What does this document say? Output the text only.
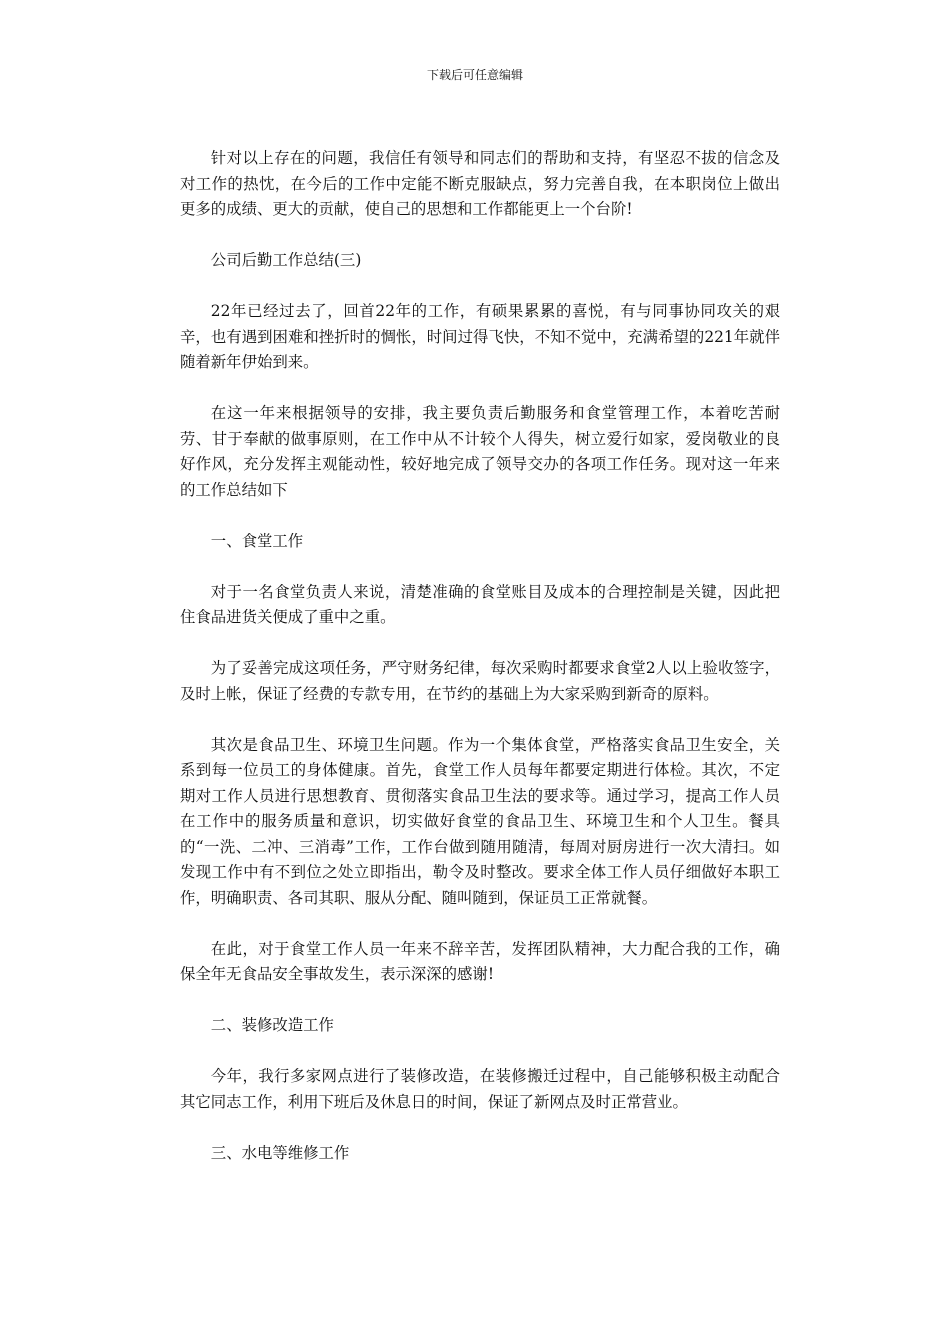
下载后可任意编辑

针对以上存在的问题，我信任有领导和同志们的帮助和支持，有坚忍不拔的信念及对工作的热忱，在今后的工作中定能不断克服缺点，努力完善自我，在本职岗位上做出更多的成绩、更大的贡献，使自己的思想和工作都能更上一个台阶!

公司后勤工作总结(三)

22年已经过去了，回首22年的工作，有硕果累累的喜悦，有与同事协同攻关的艰辛，也有遇到困难和挫折时的惆怅，时间过得飞快，不知不觉中，充满希望的221年就伴随着新年伊始到来。

在这一年来根据领导的安排，我主要负责后勤服务和食堂管理工作，本着吃苦耐劳、甘于奉献的做事原则，在工作中从不计较个人得失，树立爱行如家，爱岗敬业的良好作风，充分发挥主观能动性，较好地完成了领导交办的各项工作任务。现对这一年来的工作总结如下

一、食堂工作

对于一名食堂负责人来说，清楚准确的食堂账目及成本的合理控制是关键，因此把住食品进货关便成了重中之重。

为了妥善完成这项任务，严守财务纪律，每次采购时都要求食堂2人以上验收签字，及时上帐，保证了经费的专款专用，在节约的基础上为大家采购到新奇的原料。

其次是食品卫生、环境卫生问题。作为一个集体食堂，严格落实食品卫生安全，关系到每一位员工的身体健康。首先，食堂工作人员每年都要定期进行体检。其次，不定期对工作人员进行思想教育、贯彻落实食品卫生法的要求等。通过学习，提高工作人员在工作中的服务质量和意识，切实做好食堂的食品卫生、环境卫生和个人卫生。餐具的“一洗、二冲、三消毒”工作，工作台做到随用随清，每周对厨房进行一次大清扫。如发现工作中有不到位之处立即指出，勒令及时整改。要求全体工作人员仔细做好本职工作，明确职责、各司其职、服从分配、随叫随到，保证员工正常就餐。

在此，对于食堂工作人员一年来不辞辛苦，发挥团队精神，大力配合我的工作，确保全年无食品安全事故发生，表示深深的感谢!

二、装修改造工作

今年，我行多家网点进行了装修改造，在装修搬迁过程中，自己能够积极主动配合其它同志工作，利用下班后及休息日的时间，保证了新网点及时正常营业。

三、水电等维修工作
